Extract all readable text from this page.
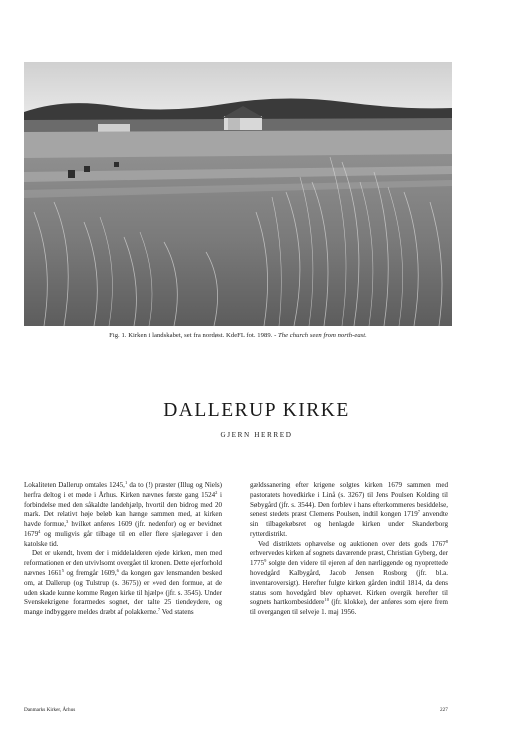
Fig. 1. Kirken i landskabet, set fra nordøst. KdeFL fot. 1989. - The church seen from north-east.
DALLERUP KIRKE
GJERN HERRED

Lokaliteten Dallerup omtales 1245,$^1$ da to (!) præster (Illug og Niels) herfra deltog i et møde i Århus. Kirken nævnes første gang 1524$^2$ i forbindelse med den såkaldte landehjælp, hvortil den bidrog med 20 mark. Det relativt høje beløb kan hænge sammen med, at kirken havde formue,$^3$ hvilket anføres 1609 (jfr. nedenfor) og er bevidnet 1679$^4$ og muligvis går tilbage til en eller flere sjælegaver i den katolske tid.

Det er ukendt, hvem der i middelalderen ejede kirken, men med reformationen er den utvivlsomt overgået til kronen. Dette ejerforhold nævnes 1661$^5$ og fremgår 1609,$^6$ da kongen gav lensmanden besked om, at Dallerup (og Tulstrup (s. 3675)) er »ved den formue, at de uden skade kunne komme Røgen kirke til hjælp« (jfr. s. 3545). Under Svenskekrigene forarmedes sognet, der talte 25 tiendeydere, og mange indbyggere meldes dræbt af polakkerne.$^7$ Ved statens

gældssanering efter krigene solgtes kirken 1679 sammen med pastoratets hovedkirke i Linå (s. 3267) til Jens Poulsen Kolding til Søbygård (jfr. s. 3544). Den forblev i hans efterkommeres besiddelse, senest stedets præst Clemens Poulsen, indtil kongen 1719$^7$ anvendte sin tilbagekøbsret og henlagde kirken under Skanderborg rytterdistrikt.

Ved distriktets ophævelse og auktionen over dets gods 1767$^8$ erhvervedes kirken af sognets daværende præst, Christian Gyberg, der 1775$^9$ solgte den videre til ejeren af den nærliggende og nyoprettede hovedgård Kalbygård, Jacob Jensen Rosborg (jfr. bl.a. inventaroversigt). Herefter fulgte kirken gården indtil 1814, da dens status som hovedgård blev ophævet. Kirken overgik herefter til sognets hartkornbesiddere$^{10}$ (jfr. klokke), der anføres som ejere frem til overgangen til selveje 1. maj 1956.

Danmarks Kirker, Århus	227
